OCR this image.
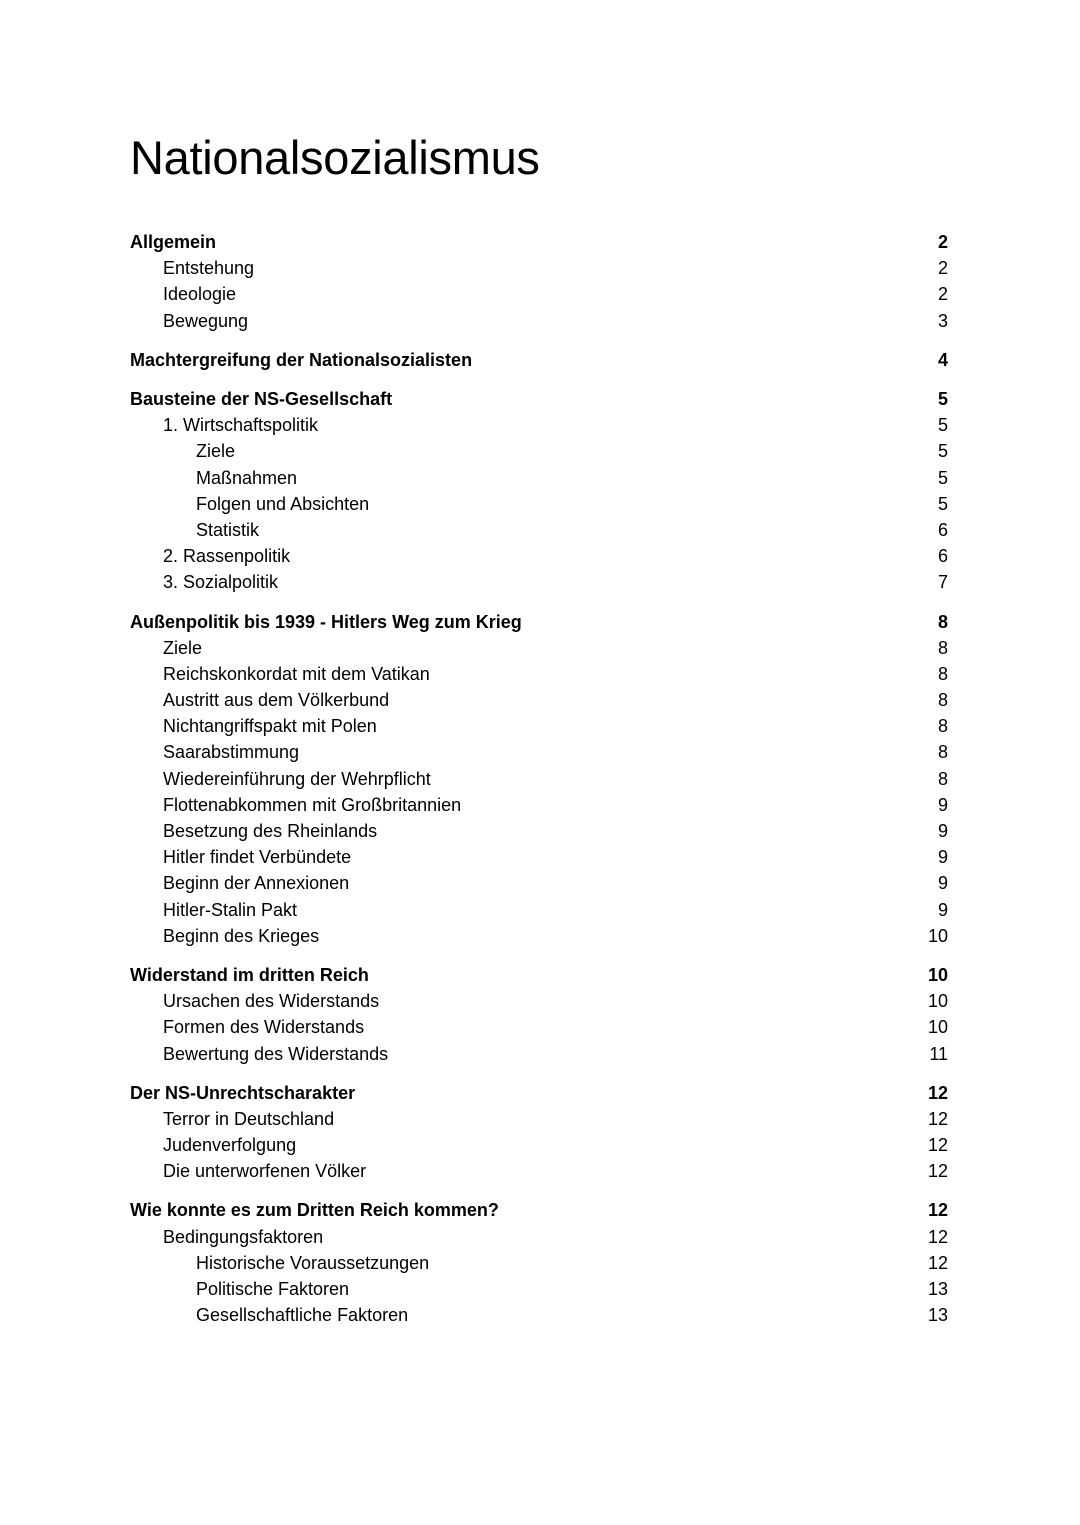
Nationalsozialismus
Allgemein	2
Entstehung	2
Ideologie	2
Bewegung	3
Machtergreifung der Nationalsozialisten	4
Bausteine der NS-Gesellschaft	5
1. Wirtschaftspolitik	5
Ziele	5
Maßnahmen	5
Folgen und Absichten	5
Statistik	6
2. Rassenpolitik	6
3. Sozialpolitik	7
Außenpolitik bis 1939 - Hitlers Weg zum Krieg	8
Ziele	8
Reichskonkordat mit dem Vatikan	8
Austritt aus dem Völkerbund	8
Nichtangriffspakt mit Polen	8
Saarabstimmung	8
Wiedereinführung der Wehrpflicht	8
Flottenabkommen mit Großbritannien	9
Besetzung des Rheinlands	9
Hitler findet Verbündete	9
Beginn der Annexionen	9
Hitler-Stalin Pakt	9
Beginn des Krieges	10
Widerstand im dritten Reich	10
Ursachen des Widerstands	10
Formen des Widerstands	10
Bewertung des Widerstands	11
Der NS-Unrechtscharakter	12
Terror in Deutschland	12
Judenverfolgung	12
Die unterworfenen Völker	12
Wie konnte es zum Dritten Reich kommen?	12
Bedingungsfaktoren	12
Historische Voraussetzungen	12
Politische Faktoren	13
Gesellschaftliche Faktoren	13
